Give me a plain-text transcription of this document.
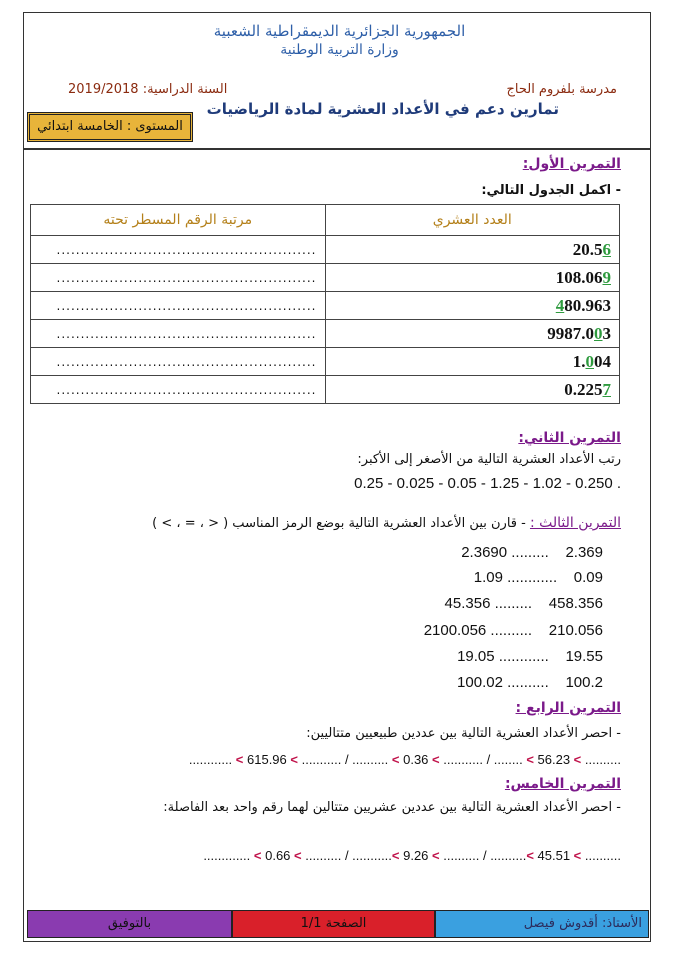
الجمهورية الجزائرية الديمقراطية الشعبية
وزارة التربية الوطنية
مدرسة بلفروم الحاج
السنة الدراسية: 2019/2018
تمارين دعم في الأعداد العشرية لمادة الرياضيات
المستوى : الخامسة ابتدائي
التمرين الأول:
- اكمل الجدول التالي:
العدد العشري	مرتبة الرقم المسطر تحته
20.56	......................................................
108.069	......................................................
480.963	......................................................
9987.003	......................................................
1.004	......................................................
0.2257	......................................................
التمرين الثاني:
رتب الأعداد العشرية التالية من الأصغر إلى الأكبر:
0.25 - 0.025 - 0.05 - 1.25 - 1.02 - 0.250 .
التمرين الثالث : - قارن بين الأعداد العشرية التالية بوضع الرمز المناسب ( < ، = ، > )
2.3690 ......... 2.369
1.09 ............ 0.09
45.356 ......... 458.356
2100.056 .......... 210.056
19.05 ............ 19.55
100.02 .......... 100.2
التمرين الرابع :
- احصر الأعداد العشرية التالية بين عددين طبيعيين متتاليين:
............ < 615.96 < ........... / .......... < 0.36 < ........... / ........ < 56.23 < ..........
التمرين الخامس:
- احصر الأعداد العشرية التالية بين عددين عشريين متتالين لهما رقم واحد بعد الفاصلة:
............. < 0.66 < .......... / ...........< 9.26 < .......... / ..........< 45.51 < ..........
الأستاذ: أقدوش فيصل
الصفحة 1/1
بالتوفيق
